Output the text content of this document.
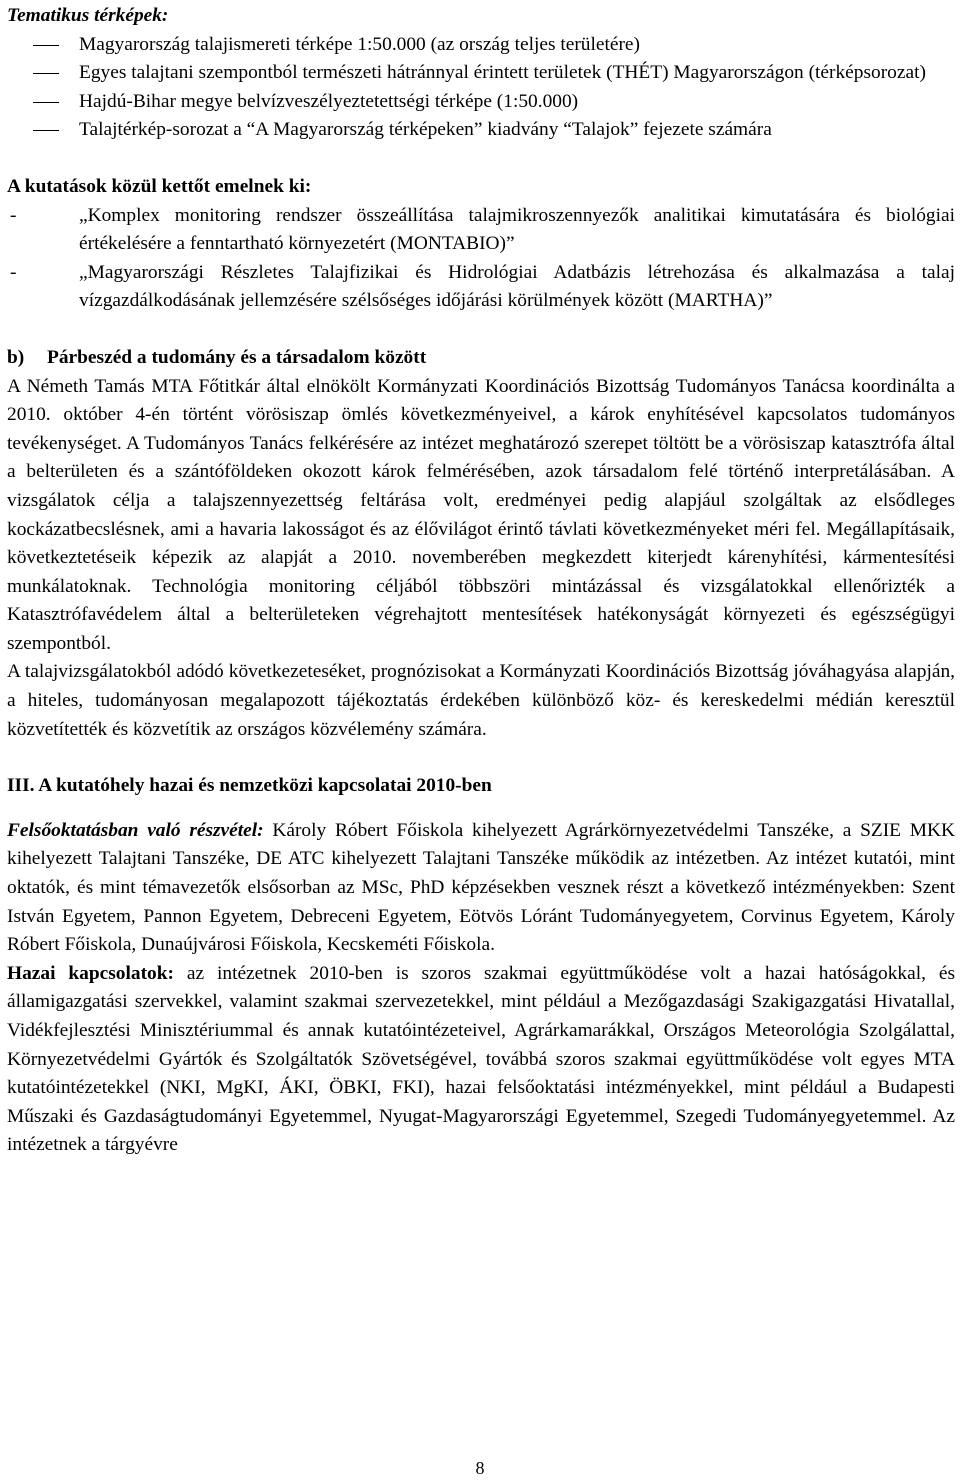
Tematikus térképek:

Magyarország talajismereti térképe 1:50.000 (az ország teljes területére)
Egyes talajtani szempontból természeti hátránnyal érintett területek (THÉT) Magyarországon (térképsorozat)
Hajdú-Bihar megye belvízveszélyeztetettségi térképe (1:50.000)
Talajtérkép-sorozat a “A Magyarország térképeken” kiadvány “Talajok” fejezete számára

A kutatások közül kettőt emelnek ki:

- „Komplex monitoring rendszer összeállítása talajmikroszennyezők analitikai kimutatására és biológiai értékelésére a fenntartható környezetért (MONTABIO)”
- „Magyarországi Részletes Talajfizikai és Hidrológiai Adatbázis létrehozása és alkalmazása a talaj vízgazdálkodásának jellemzésére szélsőséges időjárási körülmények között (MARTHA)”

b) Párbeszéd a tudomány és a társadalom között

A Németh Tamás MTA Főtitkár által elnökölt Kormányzati Koordinációs Bizottság Tudományos Tanácsa koordinálta a 2010. október 4-én történt vörösiszap ömlés következményeivel, a károk enyhítésével kapcsolatos tudományos tevékenységet. A Tudományos Tanács felkérésére az intézet meghatározó szerepet töltött be a vörösiszap katasztrófa által a belterületen és a szántóföldeken okozott károk felmérésében, azok társadalom felé történő interpretálásában. A vizsgálatok célja a talajszennyezettség feltárása volt, eredményei pedig alapjául szolgáltak az elsődleges kockázatbecslésnek, ami a havaria lakosságot és az élővilágot érintő távlati következményeket méri fel. Megállapításaik, következtetéseik képezik az alapját a 2010. novemberében megkezdett kiterjedt kárenyhítési, kármentesítési munkálatoknak. Technológia monitoring céljából többszöri mintázással és vizsgálatokkal ellenőrizték a Katasztrófavédelem által a belterületeken végrehajtott mentesítések hatékonyságát környezeti és egészségügyi szempontból.

A talajvizsgálatokból adódó következeteséket, prognózisokat a Kormányzati Koordinációs Bizottság jóváhagyása alapján, a hiteles, tudományosan megalapozott tájékoztatás érdekében különböző köz- és kereskedelmi médián keresztül közvetítették és közvetítik az országos közvélemény számára.

III. A kutatóhely hazai és nemzetközi kapcsolatai 2010-ben

Felsőoktatásban való részvétel: Károly Róbert Főiskola kihelyezett Agrárkörnyezetvédelmi Tanszéke, a SZIE MKK kihelyezett Talajtani Tanszéke, DE ATC kihelyezett Talajtani Tanszéke működik az intézetben. Az intézet kutatói, mint oktatók, és mint témavezetők elsősorban az MSc, PhD képzésekben vesznek részt a következő intézményekben: Szent István Egyetem, Pannon Egyetem, Debreceni Egyetem, Eötvös Lóránt Tudományegyetem, Corvinus Egyetem, Károly Róbert Főiskola, Dunaújvárosi Főiskola, Kecskeméti Főiskola.

Hazai kapcsolatok: az intézetnek 2010-ben is szoros szakmai együttműködése volt a hazai hatóságokkal, és államigazgatási szervekkel, valamint szakmai szervezetekkel, mint például a Mezőgazdasági Szakigazgatási Hivatallal, Vidékfejlesztési Minisztériummal és annak kutatóintézeteivel, Agrárkamarákkal, Országos Meteorológia Szolgálattal, Környezetvédelmi Gyártók és Szolgáltatók Szövetségével, továbbá szoros szakmai együttműködése volt egyes MTA kutatóintézetekkel (NKI, MgKI, ÁKI, ÖBKI, FKI), hazai felsőoktatási intézményekkel, mint például a Budapesti Műszaki és Gazdaságtudományi Egyetemmel, Nyugat-Magyarországi Egyetemmel, Szegedi Tudományegyetemmel. Az intézetnek a tárgyévre

8
